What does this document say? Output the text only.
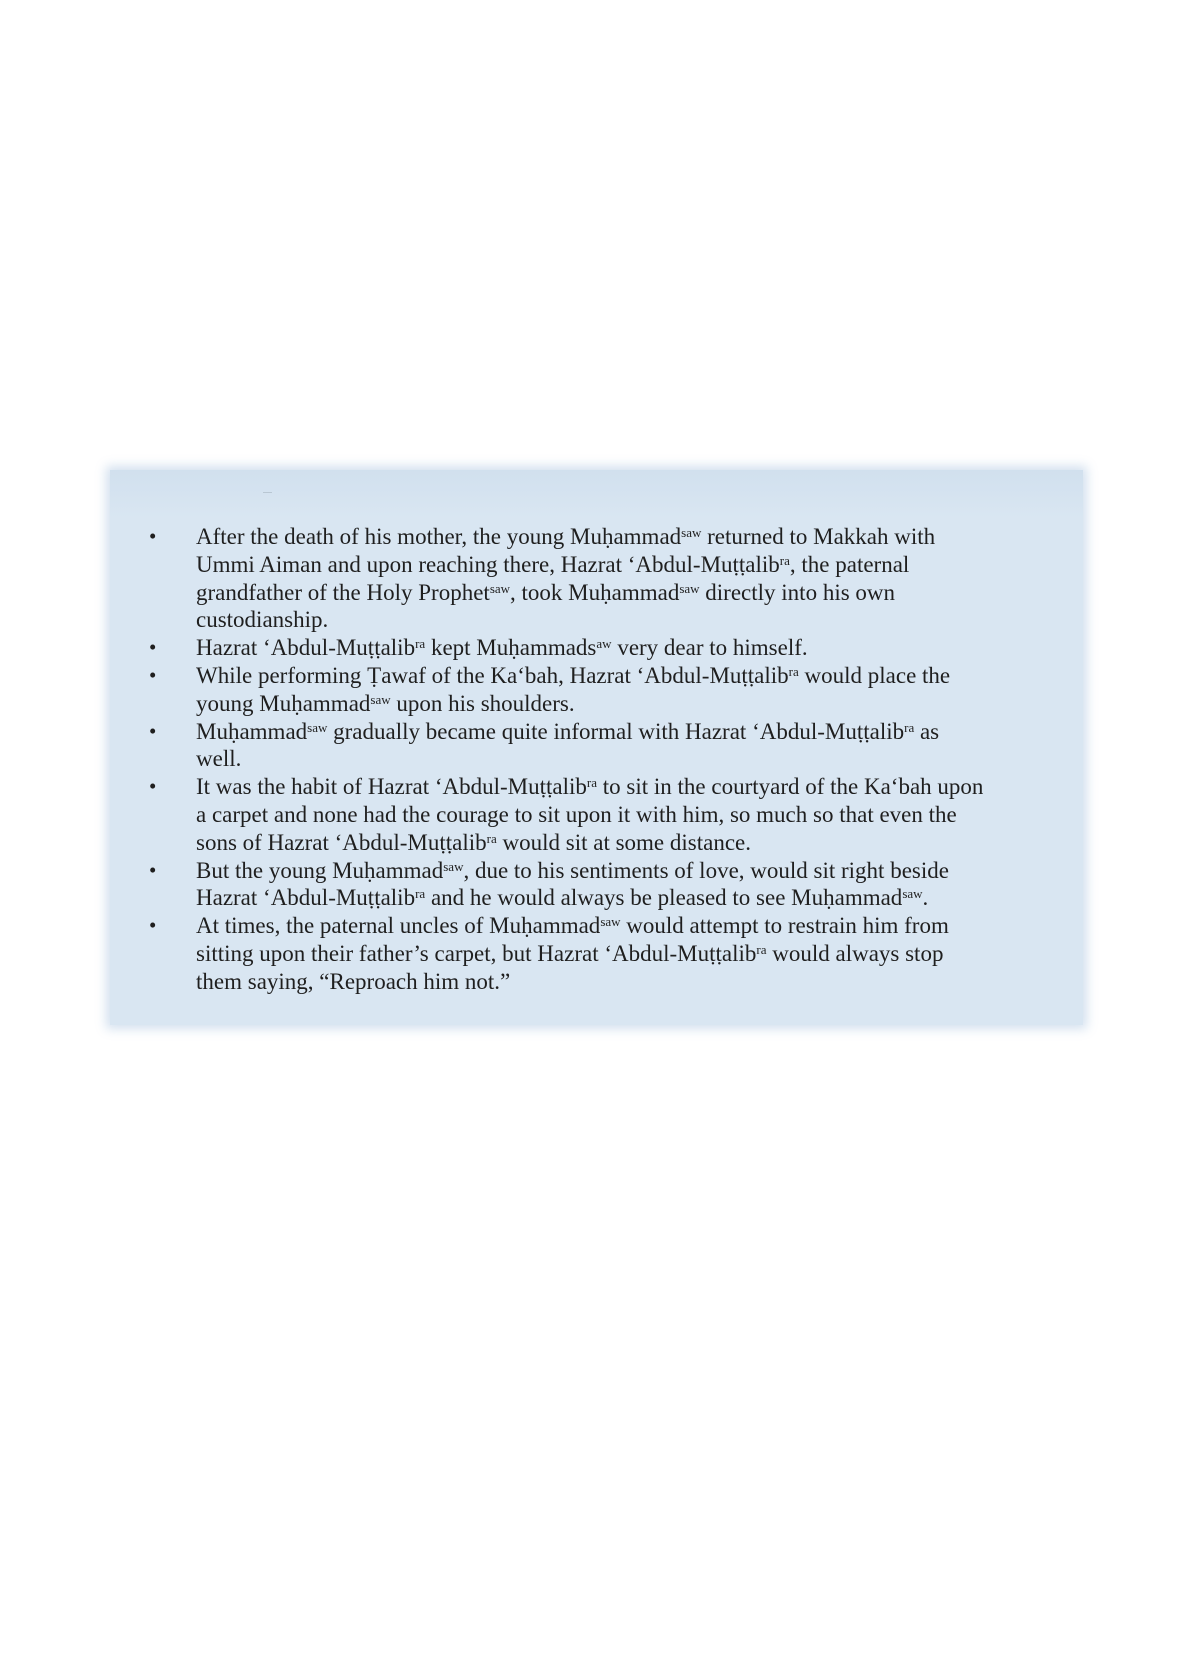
• After the death of his mother, the young Muḥammad$^{saw}$ returned to Makkah with
Ummi Aiman and upon reaching there, Hazrat ‘Abdul-Muṭṭalib$^{ra}$, the paternal
grandfather of the Holy Prophet$^{saw}$, took Muḥammad$^{saw}$ directly into his own
custodianship.
• Hazrat ‘Abdul-Muṭṭalib$^{ra}$ kept Muḥammads$^{aw}$ very dear to himself.
• While performing Ṭawaf of the Ka‘bah, Hazrat ‘Abdul-Muṭṭalib$^{ra}$ would place the
young Muḥammad$^{saw}$ upon his shoulders.
• Muḥammad$^{saw}$ gradually became quite informal with Hazrat ‘Abdul-Muṭṭalib$^{ra}$ as
well.
• It was the habit of Hazrat ‘Abdul-Muṭṭalib$^{ra}$ to sit in the courtyard of the Ka‘bah upon
a carpet and none had the courage to sit upon it with him, so much so that even the
sons of Hazrat ‘Abdul-Muṭṭalib$^{ra}$ would sit at some distance.
• But the young Muḥammad$^{saw}$, due to his sentiments of love, would sit right beside
Hazrat ‘Abdul-Muṭṭalib$^{ra}$ and he would always be pleased to see Muḥammad$^{saw}$.
• At times, the paternal uncles of Muḥammad$^{saw}$ would attempt to restrain him from
sitting upon their father’s carpet, but Hazrat ‘Abdul-Muṭṭalib$^{ra}$ would always stop
them saying, “Reproach him not.”
